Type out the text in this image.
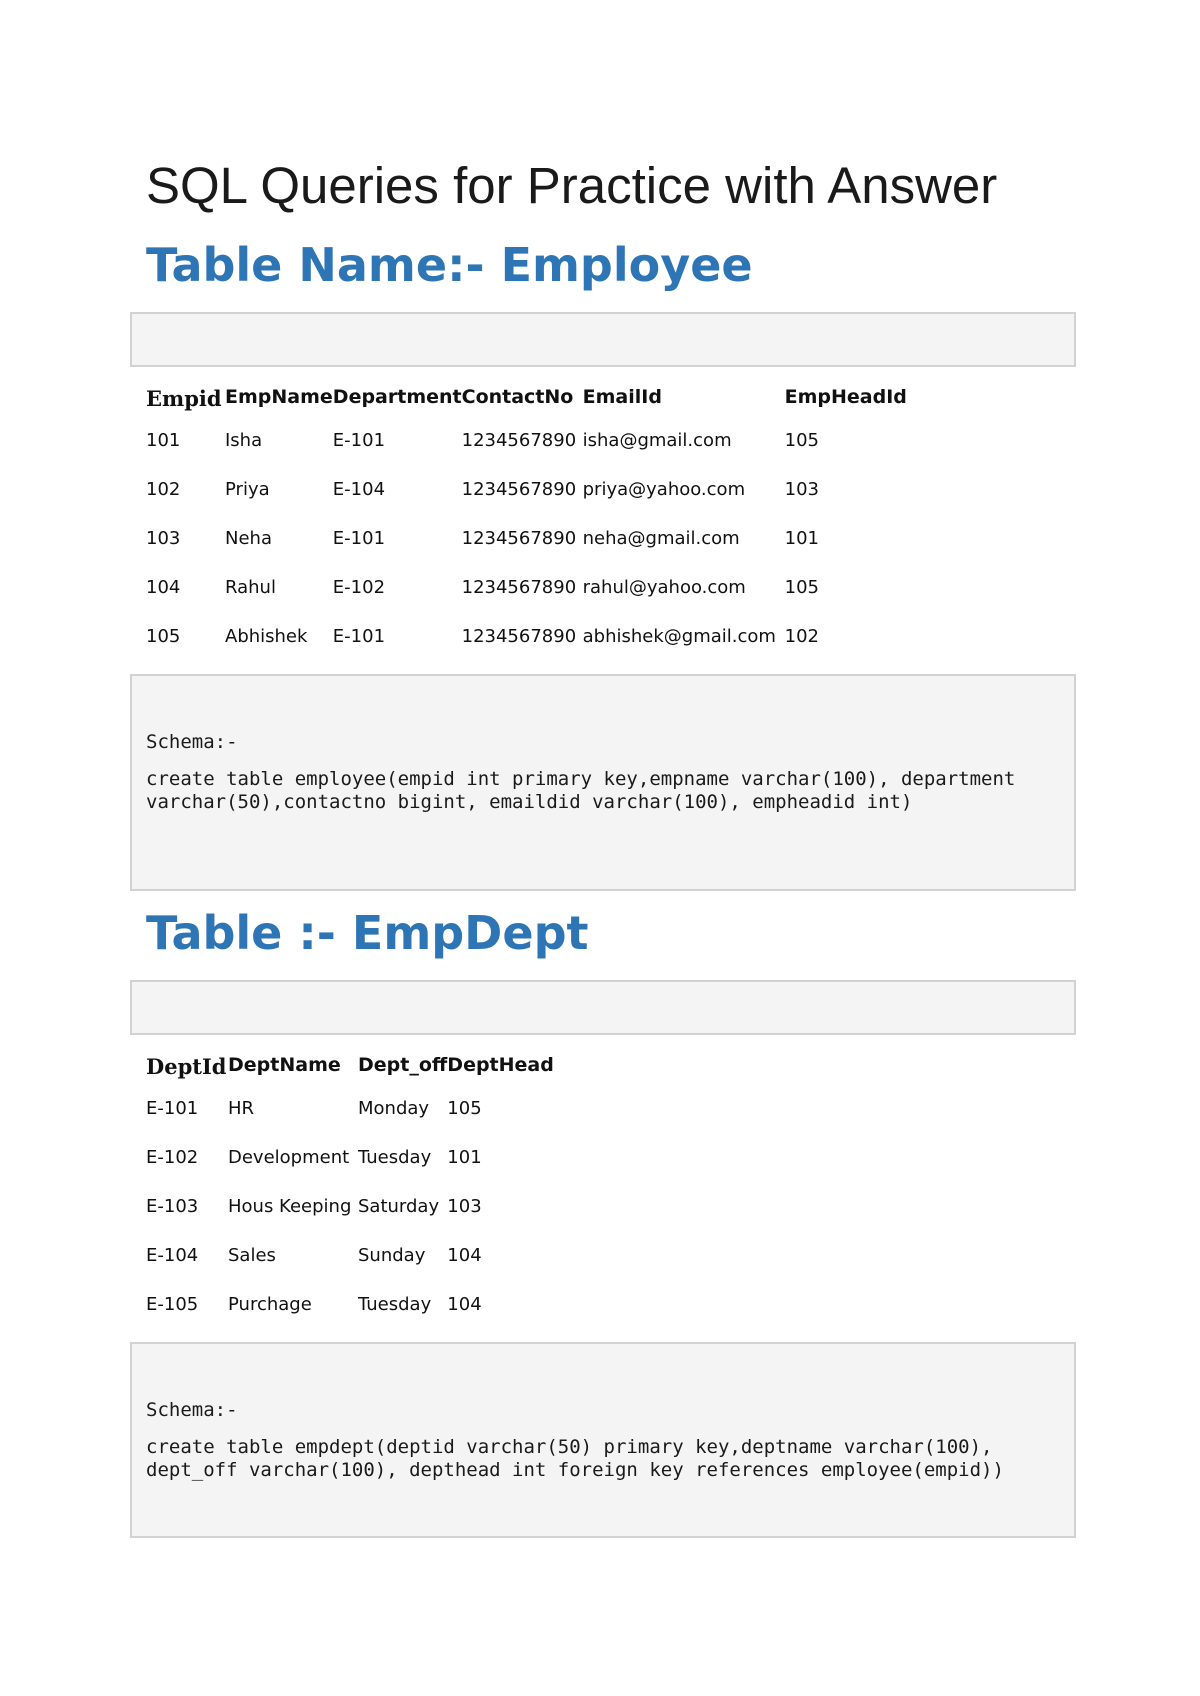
SQL Queries for Practice with Answer
Table Name:- Employee
Empid	EmpName	Department	ContactNo	EmailId	EmpHeadId
101	Isha	E-101	1234567890	isha@gmail.com	105
102	Priya	E-104	1234567890	priya@yahoo.com	103
103	Neha	E-101	1234567890	neha@gmail.com	101
104	Rahul	E-102	1234567890	rahul@yahoo.com	105
105	Abhishek	E-101	1234567890	abhishek@gmail.com	102
Schema:-
create table employee(empid int primary key,empname varchar(100), department varchar(50),contactno bigint, emaildid varchar(100), empheadid int)
Table :- EmpDept
DeptId	DeptName	Dept_off	DeptHead
E-101	HR	Monday	105
E-102	Development	Tuesday	101
E-103	Hous Keeping	Saturday	103
E-104	Sales	Sunday	104
E-105	Purchage	Tuesday	104
Schema:-
create table empdept(deptid varchar(50) primary key,deptname varchar(100), dept_off varchar(100), depthead int foreign key references employee(empid))
